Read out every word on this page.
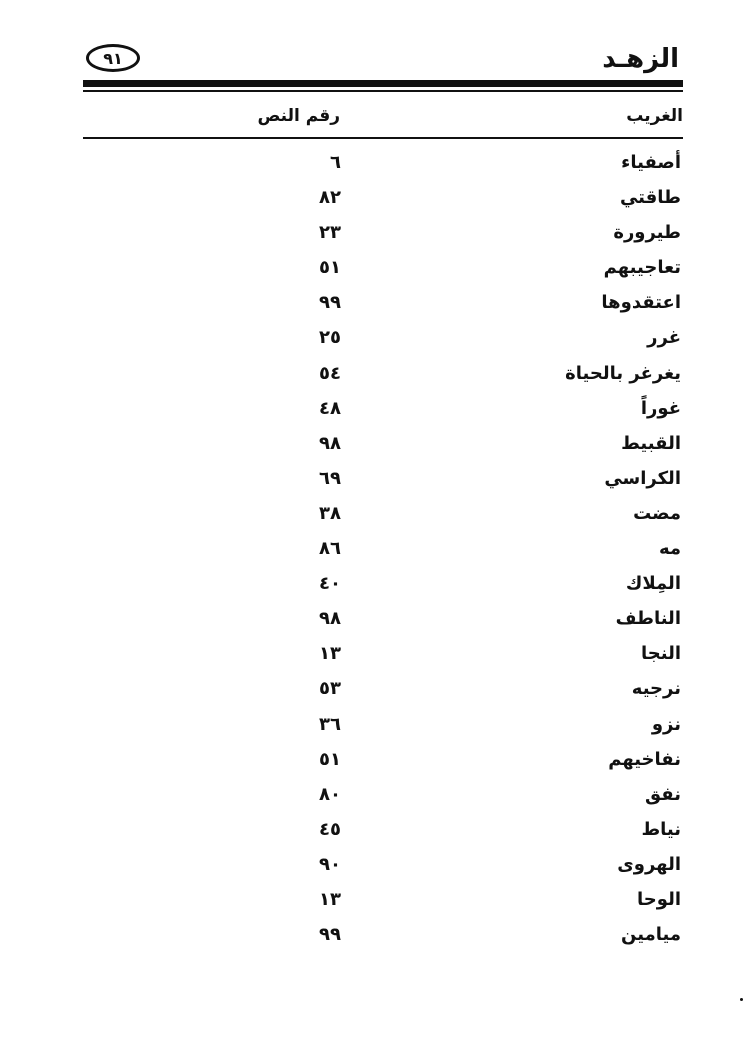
الزهـد
٩١
الغريب
رقم النص
أصفياء
٦
طاقتي
٨٢
طيرورة
٢٣
تعاجيبهم
٥١
اعتقدوها
٩٩
غرر
٢٥
يغرغر بالحياة
٥٤
غوراً
٤٨
القبيط
٩٨
الكراسي
٦٩
مضت
٣٨
مه
٨٦
المِلاك
٤٠
الناطف
٩٨
النجا
١٣
نرجيه
٥٣
نزو
٣٦
نفاخيهم
٥١
نفق
٨٠
نياط
٤٥
الهروى
٩٠
الوحا
١٣
ميامين
٩٩
